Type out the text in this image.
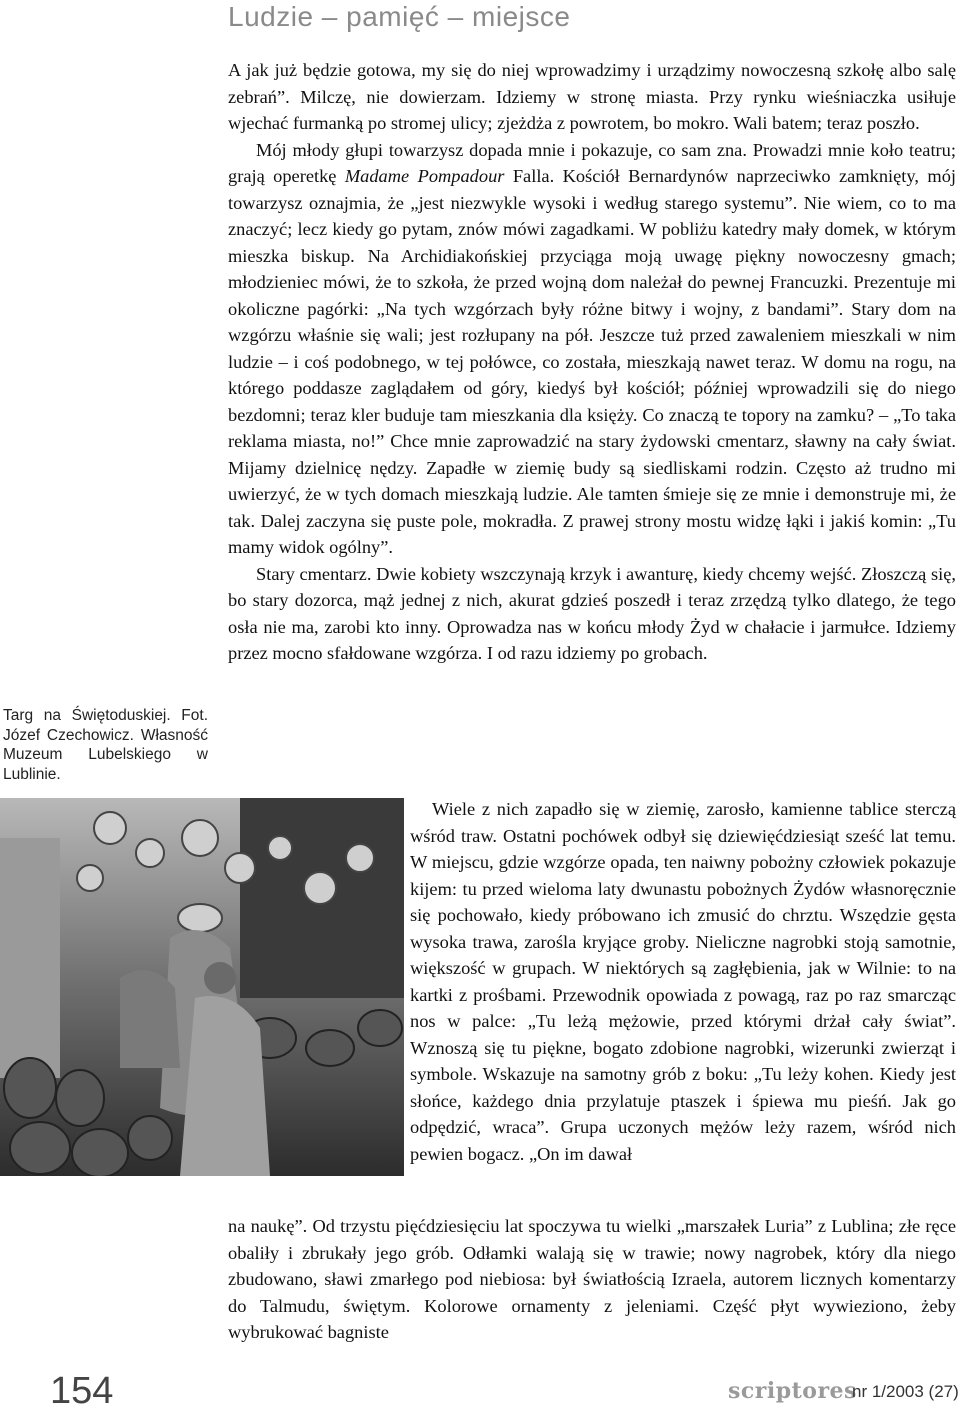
Ludzie – pamięć – miejsce

A jak już będzie gotowa, my się do niej wprowadzimy i urządzimy nowoczesną szkołę albo salę zebrań”. Milczę, nie dowierzam. Idziemy w stronę miasta. Przy rynku wieśniaczka usiłuje wjechać furmanką po stromej ulicy; zjeżdża z powrotem, bo mokro. Wali batem; teraz poszło.

Mój młody głupi towarzysz dopada mnie i pokazuje, co sam zna. Prowadzi mnie koło teatru; grają operetkę Madame Pompadour Falla. Kościół Bernardynów naprzeciwko zamknięty, mój towarzysz oznajmia, że „jest niezwykle wysoki i według starego systemu”. Nie wiem, co to ma znaczyć; lecz kiedy go pytam, znów mówi zagadkami. W pobliżu katedry mały domek, w którym mieszka biskup. Na Archidiakońskiej przyciąga moją uwagę piękny nowoczesny gmach; młodzieniec mówi, że to szkoła, że przed wojną dom należał do pewnej Francuzki. Prezentuje mi okoliczne pagórki: „Na tych wzgórzach były różne bitwy i wojny, z bandami”. Stary dom na wzgórzu właśnie się wali; jest rozłupany na pół. Jeszcze tuż przed zawaleniem mieszkali w nim ludzie – i coś podobnego, w tej połówce, co została, mieszkają nawet teraz. W domu na rogu, na którego poddasze zaglądałem od góry, kiedyś był kościół; później wprowadzili się do niego bezdomni; teraz kler buduje tam mieszkania dla księży. Co znaczą te topory na zamku? – „To taka reklama miasta, no!” Chce mnie zaprowadzić na stary żydowski cmentarz, sławny na cały świat. Mijamy dzielnicę nędzy. Zapadłe w ziemię budy są siedliskami rodzin. Często aż trudno mi uwierzyć, że w tych domach mieszkają ludzie. Ale tamten śmieje się ze mnie i demonstruje mi, że tak. Dalej zaczyna się puste pole, mokradła. Z prawej strony mostu widzę łąki i jakiś komin: „Tu mamy widok ogólny”.

Stary cmentarz. Dwie kobiety wszczynają krzyk i awanturę, kiedy chcemy wejść. Złoszczą się, bo stary dozorca, mąż jednej z nich, akurat gdzieś poszedł i teraz zrzędzą tylko dlatego, że tego osła nie ma, zarobi kto inny. Oprowadza nas w końcu młody Żyd w chałacie i jarmułce. Idziemy przez mocno sfałdowane wzgórza. I od razu idziemy po grobach.

Targ na Świętoduskiej. Fot. Józef Czechowicz. Własność Muzeum Lubelskiego w Lublinie.

Wiele z nich zapadło się w ziemię, zarosło, kamienne tablice sterczą wśród traw. Ostatni pochówek odbył się dziewięćdziesiąt sześć lat temu. W miejscu, gdzie wzgórze opada, ten naiwny pobożny człowiek pokazuje kijem: tu przed wieloma laty dwunastu pobożnych Żydów własnoręcznie się pochowało, kiedy próbowano ich zmusić do chrztu. Wszędzie gęsta wysoka trawa, zarośla kryjące groby. Nieliczne nagrobki stoją samotnie, większość w grupach. W niektórych są zagłębienia, jak w Wilnie: to na kartki z prośbami. Przewodnik opowiada z powagą, raz po raz smarcząc nos w palce: „Tu leżą mężowie, przed którymi drżał cały świat”. Wznoszą się tu piękne, bogato zdobione nagrobki, wizerunki zwierząt i symbole. Wskazuje na samotny grób z boku: „Tu leży kohen. Kiedy jest słońce, każdego dnia przylatuje ptaszek i śpiewa mu pieśń. Jak go odpędzić, wraca”. Grupa uczonych mężów leży razem, wśród nich pewien bogacz. „On im dawał

na naukę”. Od trzystu pięćdziesięciu lat spoczywa tu wielki „marszałek Luria” z Lublina; złe ręce obaliły i zbrukały jego grób. Odłamki walają się w trawie; nowy nagrobek, który dla niego zbudowano, sławi zmarłego pod niebiosa: był światłością Izraela, autorem licznych komentarzy do Talmudu, świętym. Kolorowe ornamenty z jeleniami. Część płyt wywieziono, żeby wybrukować bagniste

154	scriptores
nr 1/2003 (27)
